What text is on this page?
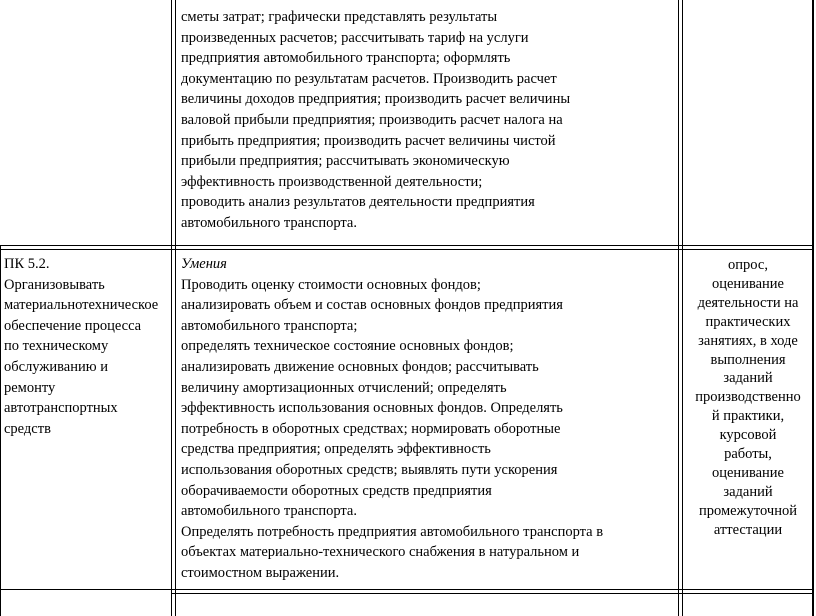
сметы затрат; графически представлять результаты
произведенных расчетов; рассчитывать тариф на услуги
предприятия автомобильного транспорта; оформлять
документацию по результатам расчетов. Производить расчет
величины доходов предприятия; производить расчет величины
валовой прибыли предприятия; производить расчет налога на
прибыть предприятия; производить расчет величины чистой
прибыли предприятия; рассчитывать экономическую
эффективность производственной деятельности;
проводить анализ результатов деятельности предприятия
автомобильного транспорта.
ПК 5.2.
Организовывать
материальнотехническое
обеспечение процесса
по техническому
обслуживанию и
ремонту
автотранспортных
средств
Умения
Проводить оценку стоимости основных фондов;
анализировать объем и состав основных фондов предприятия
автомобильного транспорта;
определять техническое состояние основных фондов;
анализировать движение основных фондов; рассчитывать
величину амортизационных отчислений; определять
эффективность использования основных фондов. Определять
потребность в оборотных средствах; нормировать оборотные
средства предприятия; определять эффективность
использования оборотных средств; выявлять пути ускорения
оборачиваемости оборотных средств предприятия
автомобильного транспорта.
Определять потребность предприятия автомобильного транспорта в
объектах материально-технического снабжения в натуральном и
стоимостном выражении.
опрос,
оценивание
деятельности на
практических
занятиях, в ходе
выполнения
заданий
производственно
й практики,
курсовой
работы,
оценивание
заданий
промежуточной
аттестации
